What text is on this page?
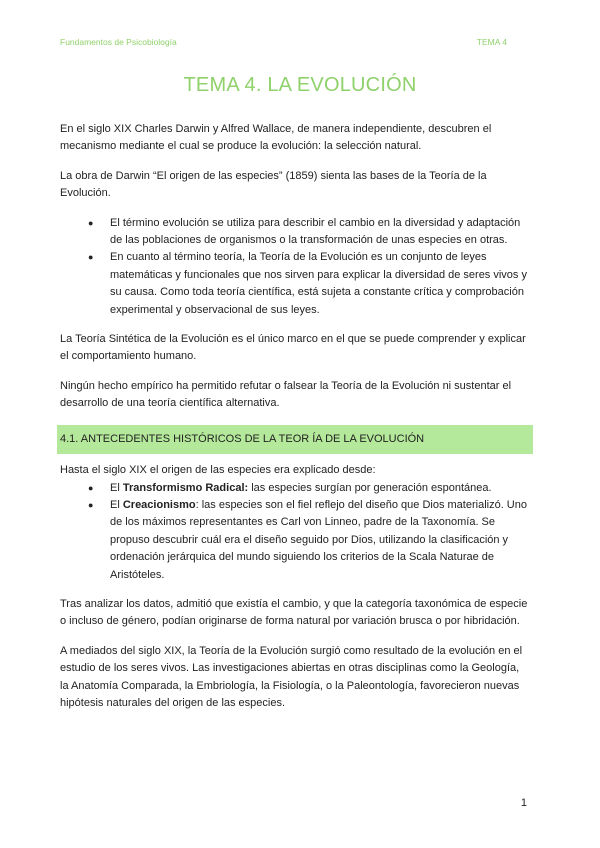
Fundamentos de Psicobiología	TEMA 4
TEMA 4. LA EVOLUCIÓN

En el siglo XIX Charles Darwin y Alfred Wallace, de manera independiente, descubren el mecanismo mediante el cual se produce la evolución: la selección natural.

La obra de Darwin “El origen de las especies” (1859) sienta las bases de la Teoría de la Evolución.

● El término evolución se utiliza para describir el cambio en la diversidad y adaptación de las poblaciones de organismos o la transformación de unas especies en otras.
● En cuanto al término teoría, la Teoría de la Evolución es un conjunto de leyes matemáticas y funcionales que nos sirven para explicar la diversidad de seres vivos y su causa. Como toda teoría científica, está sujeta a constante crítica y comprobación experimental y observacional de sus leyes.

La Teoría Sintética de la Evolución es el único marco en el que se puede comprender y explicar el comportamiento humano.

Ningún hecho empírico ha permitido refutar o falsear la Teoría de la Evolución ni sustentar el desarrollo de una teoría científica alternativa.

4.1. ANTECEDENTES HISTÓRICOS DE LA TEOR ÍA DE LA EVOLUCIÓN

Hasta el siglo XIX el origen de las especies era explicado desde:

● El Transformismo Radical: las especies surgían por generación espontánea.
● El Creacionismo: las especies son el fiel reflejo del diseño que Dios materializó. Uno de los máximos representantes es Carl von Linneo, padre de la Taxonomía. Se propuso descubrir cuál era el diseño seguido por Dios, utilizando la clasificación y ordenación jerárquica del mundo siguiendo los criterios de la Scala Naturae de Aristóteles.

Tras analizar los datos, admitió que existía el cambio, y que la categoría taxonómica de especie o incluso de género, podían originarse de forma natural por variación brusca o por hibridación.

A mediados del siglo XIX, la Teoría de la Evolución surgió como resultado de la evolución en el estudio de los seres vivos. Las investigaciones abiertas en otras disciplinas como la Geología, la Anatomía Comparada, la Embriología, la Fisiología, o la Paleontología, favorecieron nuevas hipótesis naturales del origen de las especies.

1
